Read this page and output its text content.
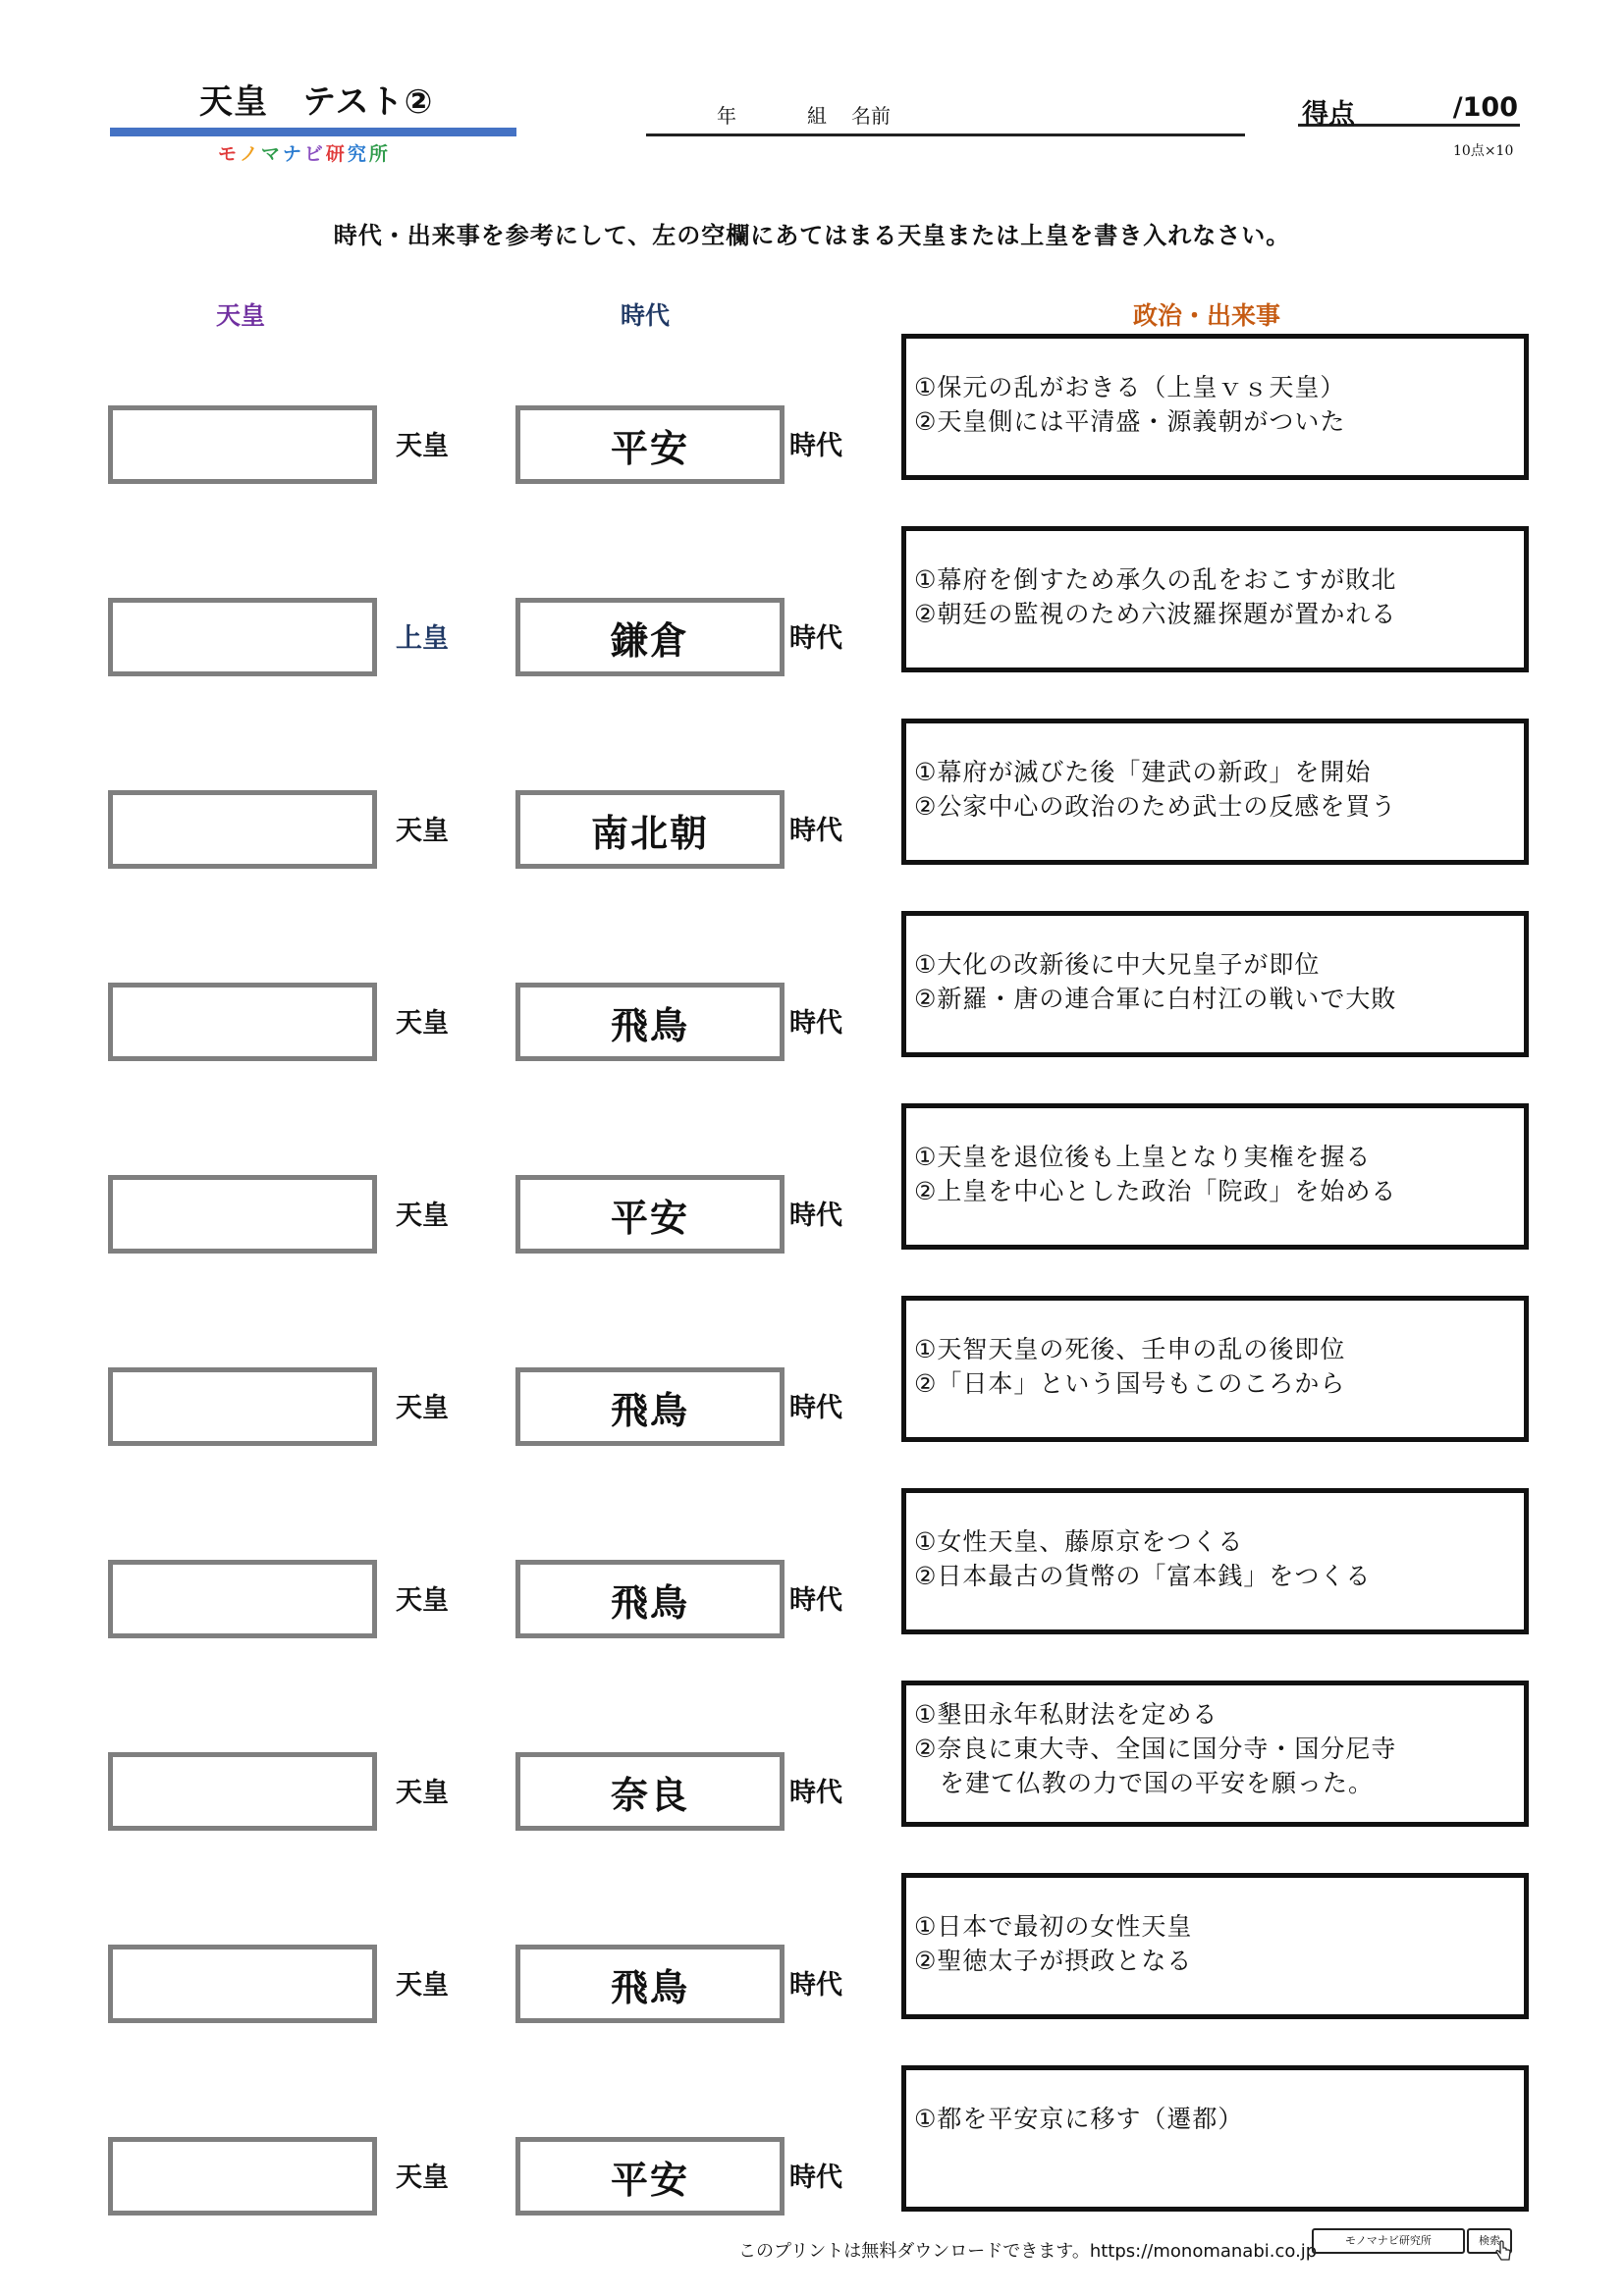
天皇　テスト②
モノマナビ研究所
年	組 名前	得点	/100
10点×10
時代・出来事を参考にして、左の空欄にあてはまる天皇または上皇を書き入れなさい。
天皇	時代	政治・出来事
天皇	平安	時代
①保元の乱がおきる（上皇ｖｓ天皇）
②天皇側には平清盛・源義朝がついた
上皇	鎌倉	時代
①幕府を倒すため承久の乱をおこすが敗北
②朝廷の監視のため六波羅探題が置かれる
天皇	南北朝	時代
①幕府が滅びた後「建武の新政」を開始
②公家中心の政治のため武士の反感を買う
天皇	飛鳥	時代
①大化の改新後に中大兄皇子が即位
②新羅・唐の連合軍に白村江の戦いで大敗
天皇	平安	時代
①天皇を退位後も上皇となり実権を握る
②上皇を中心とした政治「院政」を始める
天皇	飛鳥	時代
①天智天皇の死後、壬申の乱の後即位
②「日本」という国号もこのころから
天皇	飛鳥	時代
①女性天皇、藤原京をつくる
②日本最古の貨幣の「富本銭」をつくる
天皇	奈良	時代
①墾田永年私財法を定める
②奈良に東大寺、全国に国分寺・国分尼寺
　を建て仏教の力で国の平安を願った。
天皇	飛鳥	時代
①日本で最初の女性天皇
②聖徳太子が摂政となる
天皇	平安	時代
①都を平安京に移す（遷都）
このプリントは無料ダウンロードできます。https://monomanabi.co.jp
モノマナビ研究所	検索
